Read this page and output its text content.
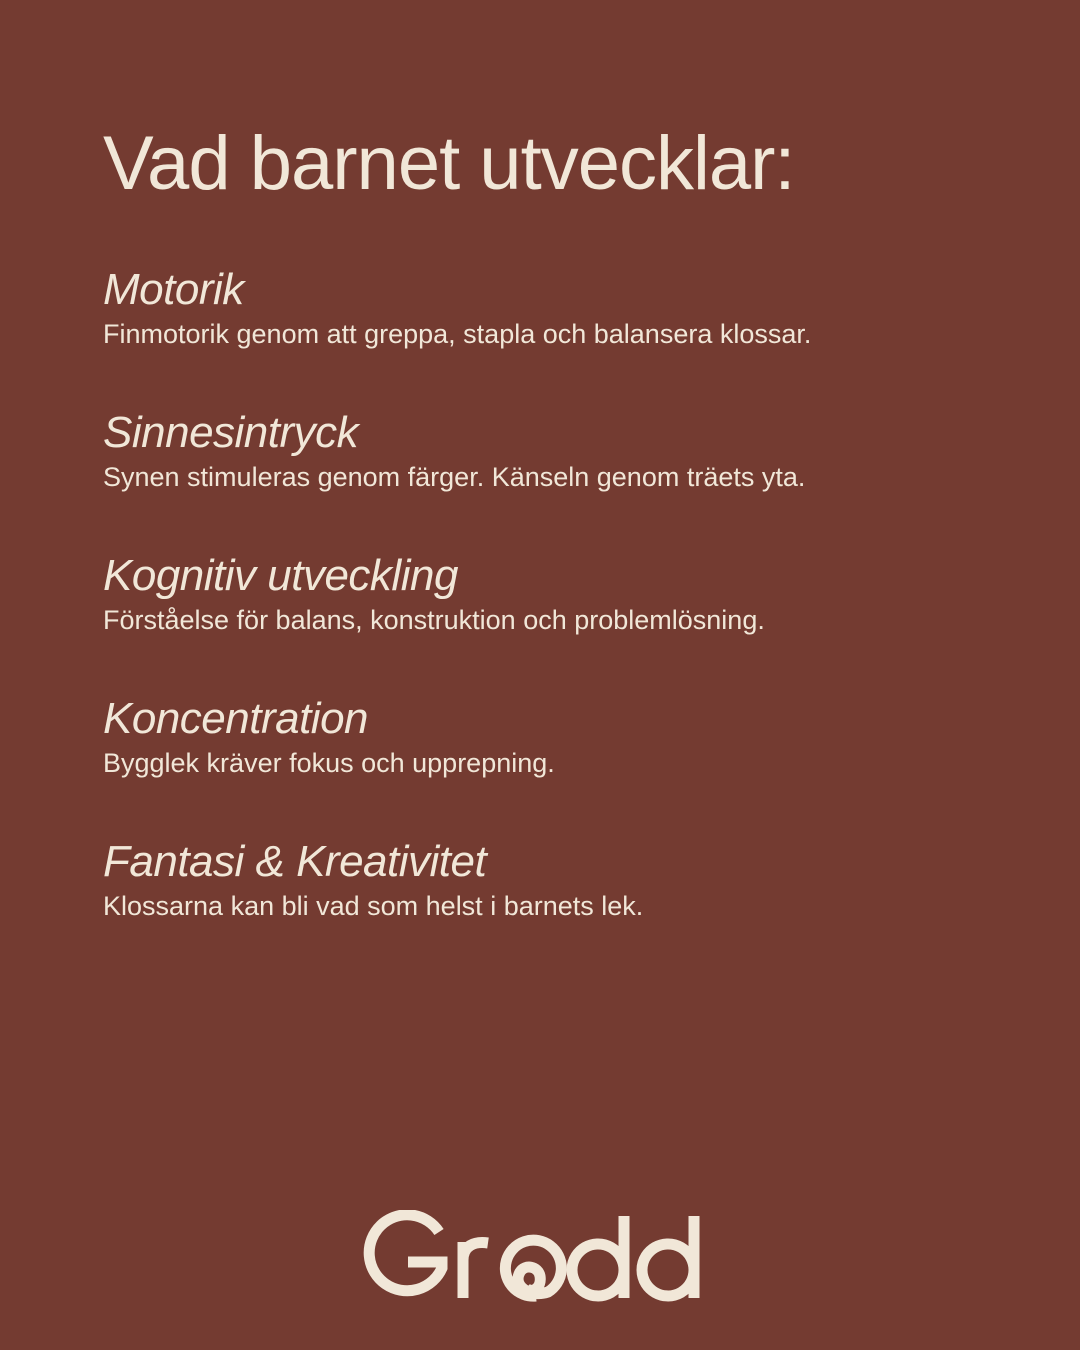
Vad barnet utvecklar:

Motorik

Finmotorik genom att greppa, stapla och balansera klossar.

Sinnesintryck

Synen stimuleras genom färger. Känseln genom träets yta.

Kognitiv utveckling

Förståelse för balans, konstruktion och problemlösning.

Koncentration

Bygglek kräver fokus och upprepning.

Fantasi & Kreativitet

Klossarna kan bli vad som helst i barnets lek.
